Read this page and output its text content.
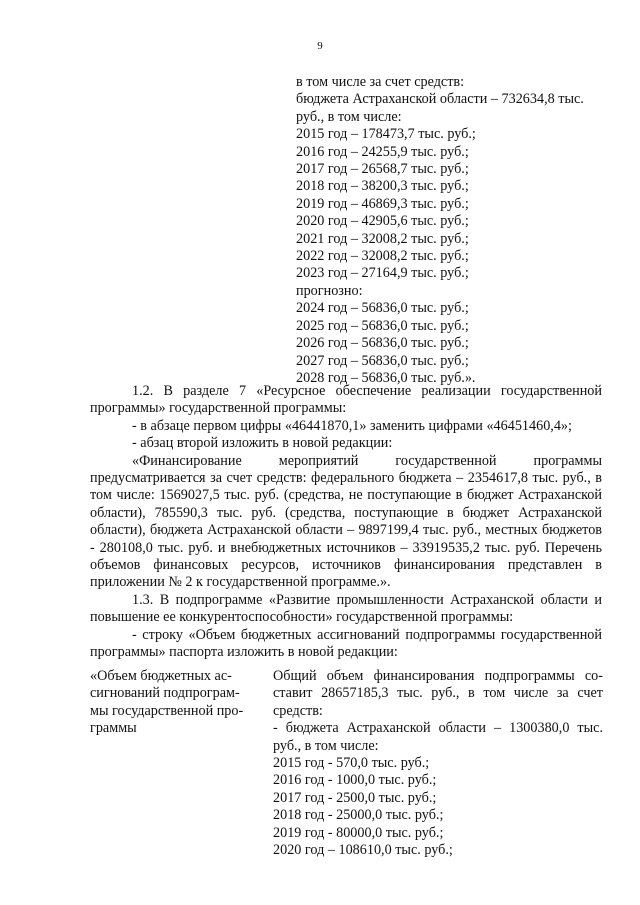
9
в том числе за счет средств:
бюджета Астраханской области – 732634,8 тыс.
руб., в том числе:
2015 год – 178473,7 тыс. руб.;
2016 год – 24255,9 тыс. руб.;
2017 год – 26568,7 тыс. руб.;
2018 год – 38200,3 тыс. руб.;
2019 год – 46869,3 тыс. руб.;
2020 год – 42905,6 тыс. руб.;
2021 год – 32008,2 тыс. руб.;
2022 год – 32008,2 тыс. руб.;
2023 год – 27164,9 тыс. руб.;
прогнозно:
2024 год – 56836,0 тыс. руб.;
2025 год – 56836,0 тыс. руб.;
2026 год – 56836,0 тыс. руб.;
2027 год – 56836,0 тыс. руб.;
2028 год – 56836,0 тыс. руб.».
1.2. В разделе 7 «Ресурсное обеспечение реализации государственной программы» государственной программы:
- в абзаце первом цифры «46441870,1» заменить цифрами «46451460,4»;
- абзац второй изложить в новой редакции:
«Финансирование мероприятий государственной программы предусматривается за счет средств: федерального бюджета – 2354617,8 тыс. руб., в том числе: 1569027,5 тыс. руб. (средства, не поступающие в бюджет Астраханской области), 785590,3 тыс. руб. (средства, поступающие в бюджет Астраханской области), бюджета Астраханской области – 9897199,4 тыс. руб., местных бюджетов - 280108,0 тыс. руб. и внебюджетных источников – 33919535,2 тыс. руб. Перечень объемов финансовых ресурсов, источников финансирования представлен в приложении № 2 к государственной программе.».
1.3. В подпрограмме «Развитие промышленности Астраханской области и повышение ее конкурентоспособности» государственной программы:
- строку «Объем бюджетных ассигнований подпрограммы государственной программы» паспорта изложить в новой редакции:
«Объем бюджетных ас-
сигнований подпрограм-
мы государственной про-
граммы
Общий объем финансирования подпрограммы со-
ставит 28657185,3 тыс. руб., в том числе за счет
средств:
- бюджета Астраханской области – 1300380,0 тыс.
руб., в том числе:
2015 год - 570,0 тыс. руб.;
2016 год - 1000,0 тыс. руб.;
2017 год - 2500,0 тыс. руб.;
2018 год - 25000,0 тыс. руб.;
2019 год - 80000,0 тыс. руб.;
2020 год – 108610,0 тыс. руб.;
